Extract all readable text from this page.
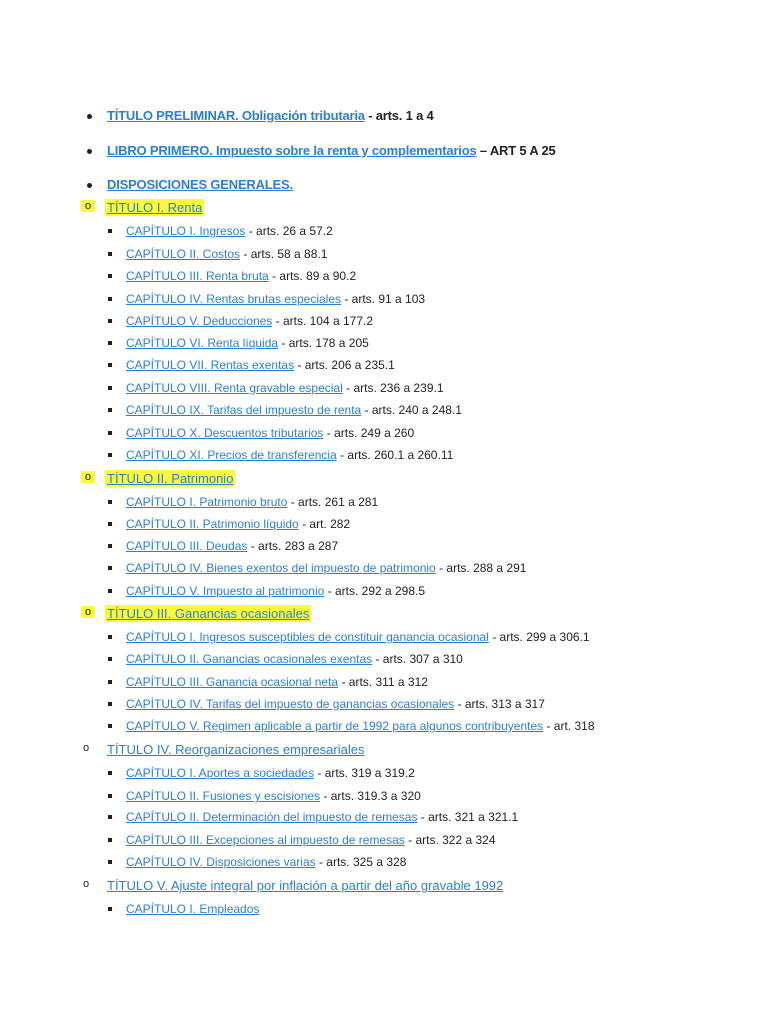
TÍTULO PRELIMINAR. Obligación tributaria - arts. 1 a 4
LIBRO PRIMERO. Impuesto sobre la renta y complementarios – ART 5 A 25
DISPOSICIONES GENERALES.
o	TÍTULO I. Renta
CAPÍTULO I. Ingresos - arts. 26 a 57.2
CAPÍTULO II. Costos - arts. 58 a 88.1
CAPÍTULO III. Renta bruta - arts. 89 a 90.2
CAPÍTULO IV. Rentas brutas especiales - arts. 91 a 103
CAPÍTULO V. Deducciones - arts. 104 a 177.2
CAPÍTULO VI. Renta líquida - arts. 178 a 205
CAPÍTULO VII. Rentas exentas - arts. 206 a 235.1
CAPÍTULO VIII. Renta gravable especial - arts. 236 a 239.1
CAPÍTULO IX. Tarifas del impuesto de renta - arts. 240 a 248.1
CAPÍTULO X. Descuentos tributarios - arts. 249 a 260
CAPÍTULO XI. Precios de transferencia - arts. 260.1 a 260.11
o	TÍTULO II. Patrimonio
CAPÍTULO I. Patrimonio bruto - arts. 261 a 281
CAPÍTULO II. Patrimonio líquido - art. 282
CAPÍTULO III. Deudas - arts. 283 a 287
CAPÍTULO IV. Bienes exentos del impuesto de patrimonio - arts. 288 a 291
CAPÍTULO V. Impuesto al patrimonio - arts. 292 a 298.5
o	TÍTULO III. Ganancias ocasionales
CAPÍTULO I. Ingresos susceptibles de constituir ganancia ocasional - arts. 299 a 306.1
CAPÍTULO II. Ganancias ocasionales exentas - arts. 307 a 310
CAPÍTULO III. Ganancia ocasional neta - arts. 311 a 312
CAPÍTULO IV. Tarifas del impuesto de ganancias ocasionales - arts. 313 a 317
CAPÍTULO V. Regimen aplicable a partir de 1992 para algunos contribuyentes - art. 318
o TÍTULO IV. Reorganizaciones empresariales
CAPÍTULO I. Aportes a sociedades - arts. 319 a 319.2
CAPÍTULO II. Fusiones y escisiones - arts. 319.3 a 320
CAPÍTULO II. Determinación del impuesto de remesas - arts. 321 a 321.1
CAPÍTULO III. Excepciones al impuesto de remesas - arts. 322 a 324
CAPÍTULO IV. Disposiciones varias - arts. 325 a 328
o TÍTULO V. Ajuste integral por inflación a partir del año gravable 1992
CAPÍTULO I. Empleados
